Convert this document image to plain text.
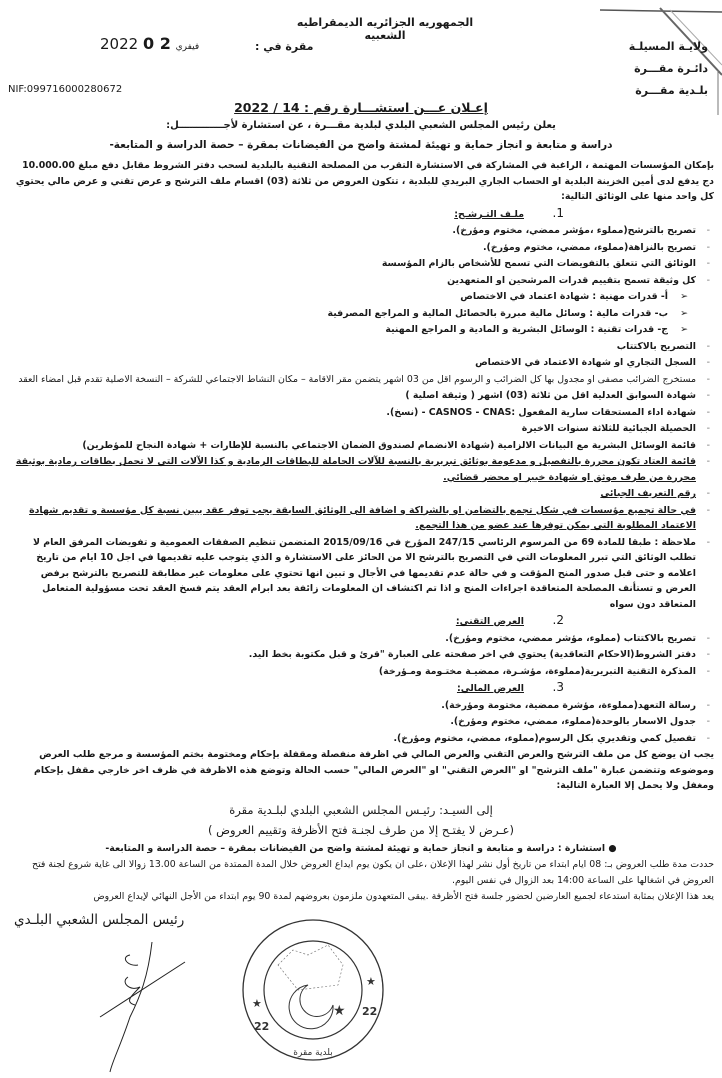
الجمهوريه الجزائريه الديمقراطيه الشعبيه
مقرة في :
2022	فيفري 2 0	ولايـة المسيلـة
دائـرة مقـــرة
بلـدية مقـــرة
NIF:099716000280672
إعـلان عـــن استشـــارة رقم : 14 / 2022
يعلن رئيس المجلس الشعبي البلدي لبلدية مقـــرة ، عن استشارة لأجـــــــــــــل:
دراسة و متابعة و انجاز حماية و تهيئة لمشتة واضح من الفيضانات بمقرة – حصة الدراسة و المتابعة-

بإمكان المؤسسات المهتمة ، الراغبة في المشاركة في الاستشارة التقرب من المصلحة التقنية بالبلدية لسحب دفتر الشروط مقابل دفع مبلغ 10.000.00 دج يدفع لدى أمين الخزينة البلدية او الحساب الجاري البريدي للبلدية ، تتكون العروض من ثلاثة (03) اقسام ملف الترشح و عرض تقني و عرض مالي يحتوي كل واحد منها على الوثائق التالية:

1.ملـف التـرشـح:

- تصريح بالترشح(مملوء ،مؤشر ممضي، مختوم ومؤرخ).

- تصريح بالنزاهة(مملوء، ممضي، مختوم ومؤرخ).

- الوثائق التي تتعلق بالتفويضات التي تسمح للأشخاص بالزام المؤسسة

- كل وثيقة تسمح بتقييم قدرات المرشحين او المتعهدين

➢ أ- قدرات مهنية : شهادة اعتماد في الاختصاص

➢ ب- قدرات مالية : وسائل مالية مبررة بالحصائل المالية و المراجع المصرفية

➢ ج- قدرات تقنية : الوسائل البشرية و المادية و المراجع المهنية

- التصريح بالاكتتاب

- السجل التجاري او شهادة الاعتماد في الاختصاص

- مستخرج الضرائب مصفى او مجدول بها كل الضرائب و الرسوم اقل من 03 اشهر يتضمن مقر الاقامة – مكان النشاط الاجتماعي للشركة – النسخة الاصلية تقدم قبل امضاء العقد

- شهادة السوابق العدلية اقل من ثلاثة (03) اشهر ( وثيقة اصلية )

- شهادة اداء المستحقات سارية المفعول :CASNOS - CNAS - (نسخ).

- الحصيلة الجبائية للثلاثة سنوات الاخيرة

- قائمة الوسائل البشرية مع البيانات الالزامية (شهادة الانضمام لصندوق الضمان الاجتماعي بالنسبة للإطارات + شهادة النجاح للمؤطرين)

- قائمة العتاد تكون محررة بالتفصيل و مدعومة بوثائق تبريرية بالنسبة للآلات الحاملة للبطاقات الرمادية و كذا الآلات التي لا تحمل بطاقات رمادية بوثيقة محررة من طرف موثق او شهادة خبير او محضر قضائي.

- رقم التعريف الجبائي

- في حالة تجميع مؤسسات في شكل تجمع بالتضامن او بالشراكة و اضافة الى الوثائق السابقة يجب توفر عقد يبين نسبة كل مؤسسة و تقديم شهادة الاعتماد المطلوبة التي يمكن توفرها عند عضو من هذا التجمع.

- ملاحظة : طبقا للمادة 69 من المرسوم الرئاسي 247/15 المؤرخ في 2015/09/16 المتضمن تنظيم الصفقات العمومية و تفويضات المرفق العام لا تطلب الوثائق التي تبرر المعلومات التي في التصريح بالترشح الا من الحائز على الاستشارة و الذي يتوجب عليه تقديمها في اجل 10 ايام من تاريخ اعلامه و حتى قبل صدور المنح المؤقت و في حالة عدم تقديمها في الأجال و تبين انها تحتوي على معلومات غير مطابقة للتصريح بالترشح برفض العرض و تستأنف المصلحة المتعاقدة اجراءات المنح و اذا تم اكتشاف ان المعلومات زائفة بعد ابرام العقد يتم فسخ العقد تحت مسؤولية المتعامل المتعاقد دون سواه

2.العرض التقني:

- تصريح بالاكتتاب (مملوء، مؤشر ممضي، مختوم ومؤرخ).

- دفتر الشروط(الاحكام التعاقدية) يحتوي في اخر صفحته على العبارة "قرئ و قبل مكتوبة بخط اليد.

- المذكرة التقنية التبريرية(مملوءة، مؤشـرة، ممضيـة مختـومة ومـؤرخة)

3.العرض المالي:

- رسالة التعهد(مملوءة، مؤشرة ممضية، مختومة ومؤرخة).

- جدول الاسعار بالوحدة(مملوء، ممضي، مختوم ومؤرخ).

- تفصيل كمي وتقديري بكل الرسوم(مملوء، ممضي، مختوم ومؤرخ).

يجب ان يوضع كل من ملف الترشح والعرض التقني والعرض المالي في اظرفة منفصلة ومقفلة بإحكام ومختومة بختم المؤسسة و مرجع طلب العرض وموضوعه وتتضمن عبارة "ملف الترشح" او "العرض التقني" او "العرض المالي" حسب الحالة وتوضع هذه الاظرفة في ظرف اخر خارجي مقفل بإحكام ومغفل ولا يحمل إلا العبارة التالية:

إلى السيـد: رئيـس المجلس الشعبي البلدي لبلـدية مقرة

(عـرض لا يفتـح إلا من طرف لجنـة فتح الأظرفة وتقييم العروض )

● استشارة : دراسة و متابعة و انجاز حماية و تهيئة لمشتة واضح من الفيضانات بمقرة – حصة الدراسة و المتابعة-

حددت مدة طلب العروض بـ: 08 ايام ابتداء من تاريخ أول نشر لهذا الإعلان ،على ان يكون يوم ايداع العروض خلال المدة الممتدة من الساعة 13.00 زوالا الى غاية شروع لجنة فتح العروض في اشغالها على الساعة 14:00 بعد الزوال في نفس اليوم.

يعد هذا الإعلان بمثابة استدعاء لجميع العارضين لحضور جلسة فتح الأظرفة .يبقى المتعهدون ملزمون بعروضهم لمدة 90 يوم ابتداء من الأجل النهائي لإيداع العروض

رئيس المجلس الشعبي البلـدي
★
★
★
22
22
بلدية مقرة
